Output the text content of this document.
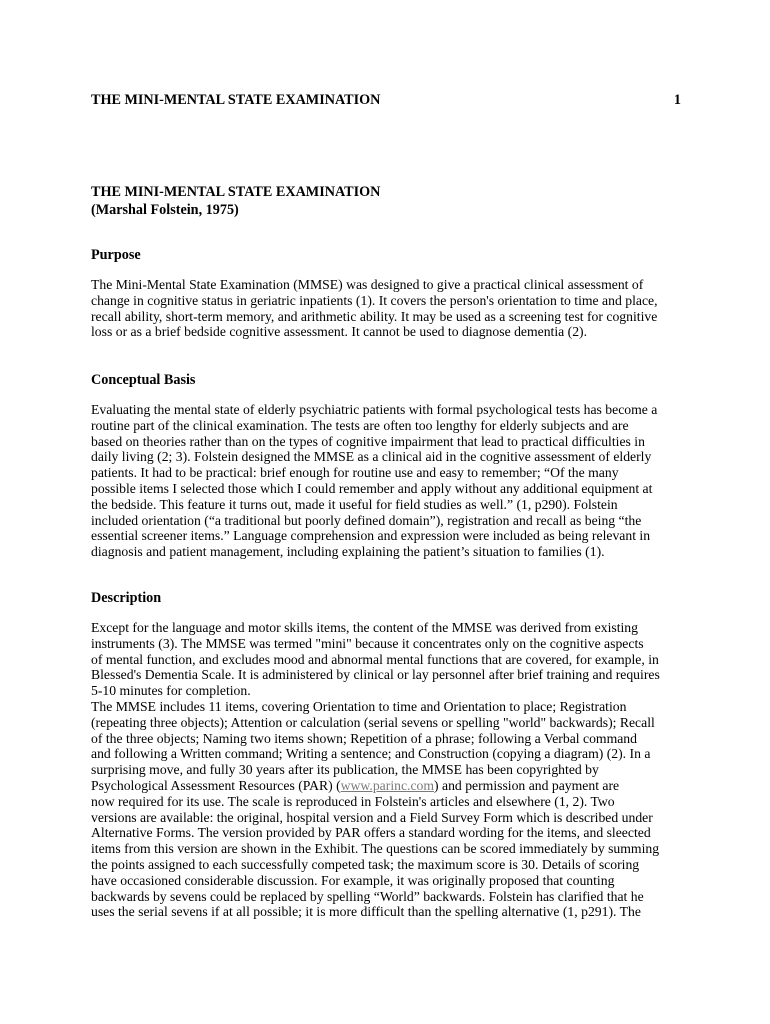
THE MINI-MENTAL STATE EXAMINATION	1
THE MINI-MENTAL STATE EXAMINATION
(Marshal Folstein, 1975)
Purpose
The Mini-Mental State Examination (MMSE) was designed to give a practical clinical assessment of
change in cognitive status in geriatric inpatients (1). It covers the person's orientation to time and place,
recall ability, short-term memory, and arithmetic ability. It may be used as a screening test for cognitive
loss or as a brief bedside cognitive assessment. It cannot be used to diagnose dementia (2).
Conceptual Basis
Evaluating the mental state of elderly psychiatric patients with formal psychological tests has become a
routine part of the clinical examination. The tests are often too lengthy for elderly subjects and are
based on theories rather than on the types of cognitive impairment that lead to practical difficulties in
daily living (2; 3). Folstein designed the MMSE as a clinical aid in the cognitive assessment of elderly
patients. It had to be practical: brief enough for routine use and easy to remember; “Of the many
possible items I selected those which I could remember and apply without any additional equipment at
the bedside. This feature it turns out, made it useful for field studies as well.” (1, p290). Folstein
included orientation (“a traditional but poorly defined domain”), registration and recall as being “the
essential screener items.” Language comprehension and expression were included as being relevant in
diagnosis and patient management, including explaining the patient’s situation to families (1).
Description
Except for the language and motor skills items, the content of the MMSE was derived from existing
instruments (3). The MMSE was termed "mini" because it concentrates only on the cognitive aspects
of mental function, and excludes mood and abnormal mental functions that are covered, for example, in
Blessed's Dementia Scale. It is administered by clinical or lay personnel after brief training and requires
5-10 minutes for completion.
The MMSE includes 11 items, covering Orientation to time and Orientation to place; Registration
(repeating three objects); Attention or calculation (serial sevens or spelling "world" backwards); Recall
of the three objects; Naming two items shown; Repetition of a phrase; following a Verbal command
and following a Written command; Writing a sentence; and Construction (copying a diagram) (2). In a
surprising move, and fully 30 years after its publication, the MMSE has been copyrighted by
Psychological Assessment Resources (PAR) (www.parinc.com) and permission and payment are
now required for its use. The scale is reproduced in Folstein's articles and elsewhere (1, 2). Two
versions are available: the original, hospital version and a Field Survey Form which is described under
Alternative Forms. The version provided by PAR offers a standard wording for the items, and sleected
items from this version are shown in the Exhibit. The questions can be scored immediately by summing
the points assigned to each successfully competed task; the maximum score is 30. Details of scoring
have occasioned considerable discussion. For example, it was originally proposed that counting
backwards by sevens could be replaced by spelling “World” backwards. Folstein has clarified that he
uses the serial sevens if at all possible; it is more difficult than the spelling alternative (1, p291). The
